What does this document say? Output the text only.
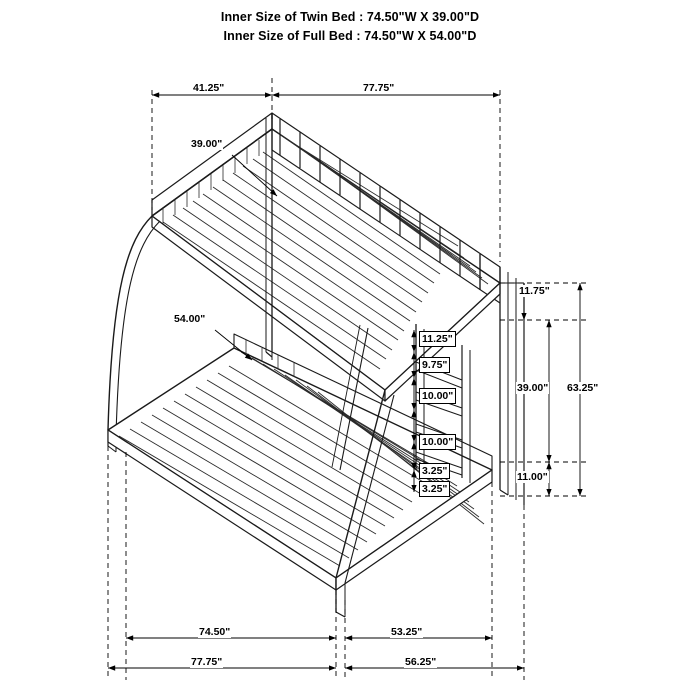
Inner Size of Twin Bed : 74.50"W X 39.00"D
Inner Size of Full Bed : 74.50"W X 54.00"D
41.25"	77.75"
39.00"
54.00"
11.75"
39.00"
11.00"
63.25"
11.25"
9.75"
10.00"
10.00"
3.25"
3.25"
74.50"	53.25"
77.75"	56.25"
